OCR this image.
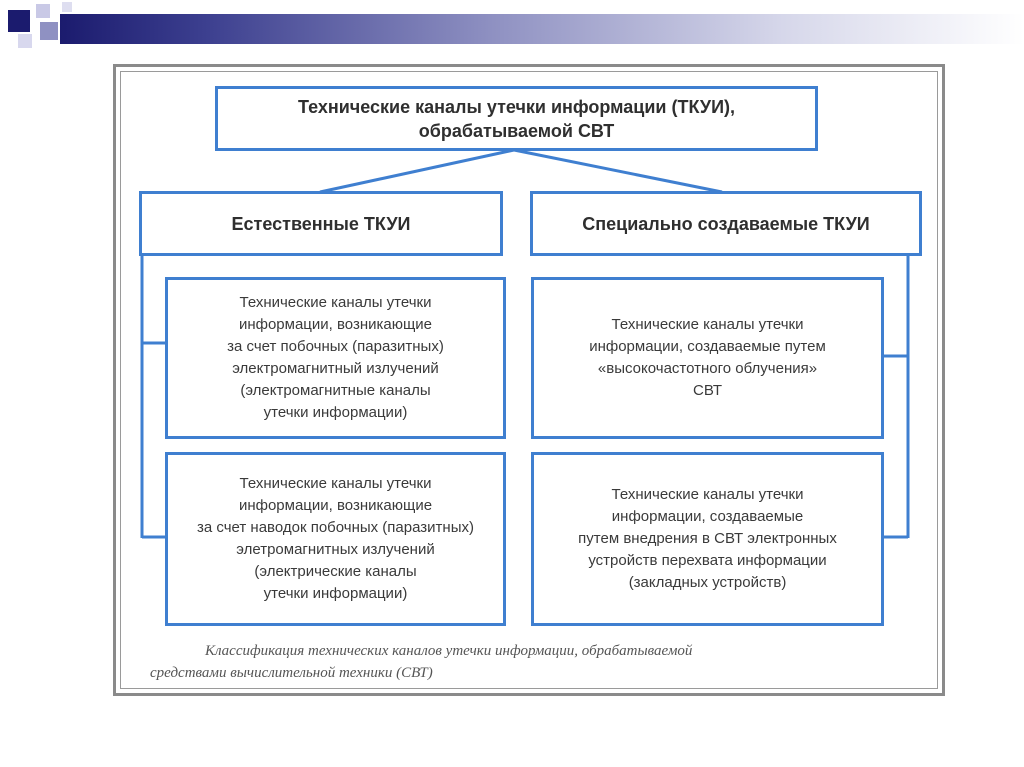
Технические каналы утечки информации (ТКУИ),
обрабатываемой СВТ
Естественные ТКУИ	Специально создаваемые ТКУИ
Технические каналы утечки
информации, возникающие
за счет побочных (паразитных)
электромагнитный излучений
(электромагнитные каналы
утечки информации)
Технические каналы утечки
информации, возникающие
за счет наводок побочных (паразитных)
элетромагнитных излучений
(электрические каналы
утечки информации)
Технические каналы утечки
информации, создаваемые путем
«высокочастотного облучения»
СВТ
Технические каналы утечки
информации, создаваемые
путем внедрения в СВТ электронных
устройств перехвата информации
(закладных устройств)
Классификация технических каналов утечки информации, обрабатываемой
средствами вычислительной техники (СВТ)
